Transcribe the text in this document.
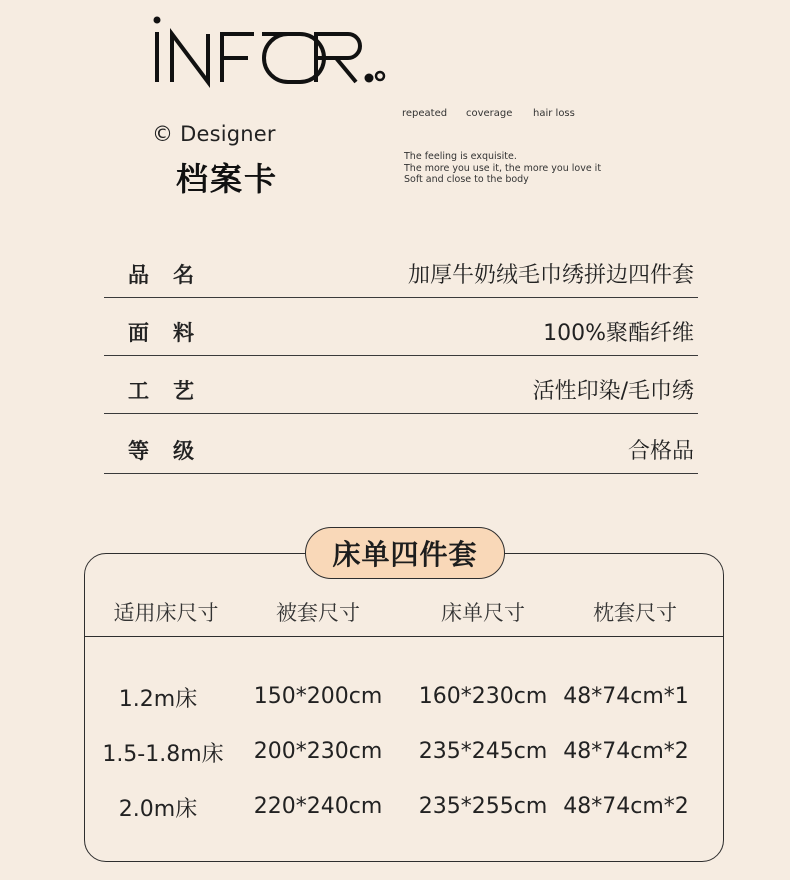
© Designer
档案卡
repeated coverage hair loss
The feeling is exquisite.
The more you use it, the more you love it
Soft and close to the body
品名	加厚牛奶绒毛巾绣拼边四件套
面料	100%聚酯纤维
工艺	活性印染/毛巾绣
等级	合格品
床单四件套
适用床尺寸	被套尺寸	床单尺寸	枕套尺寸
1.2m床	150*200cm 160*230cm 48*74cm*1
1.5-1.8m床 200*230cm 235*245cm 48*74cm*2
2.0m床	220*240cm 235*255cm 48*74cm*2
